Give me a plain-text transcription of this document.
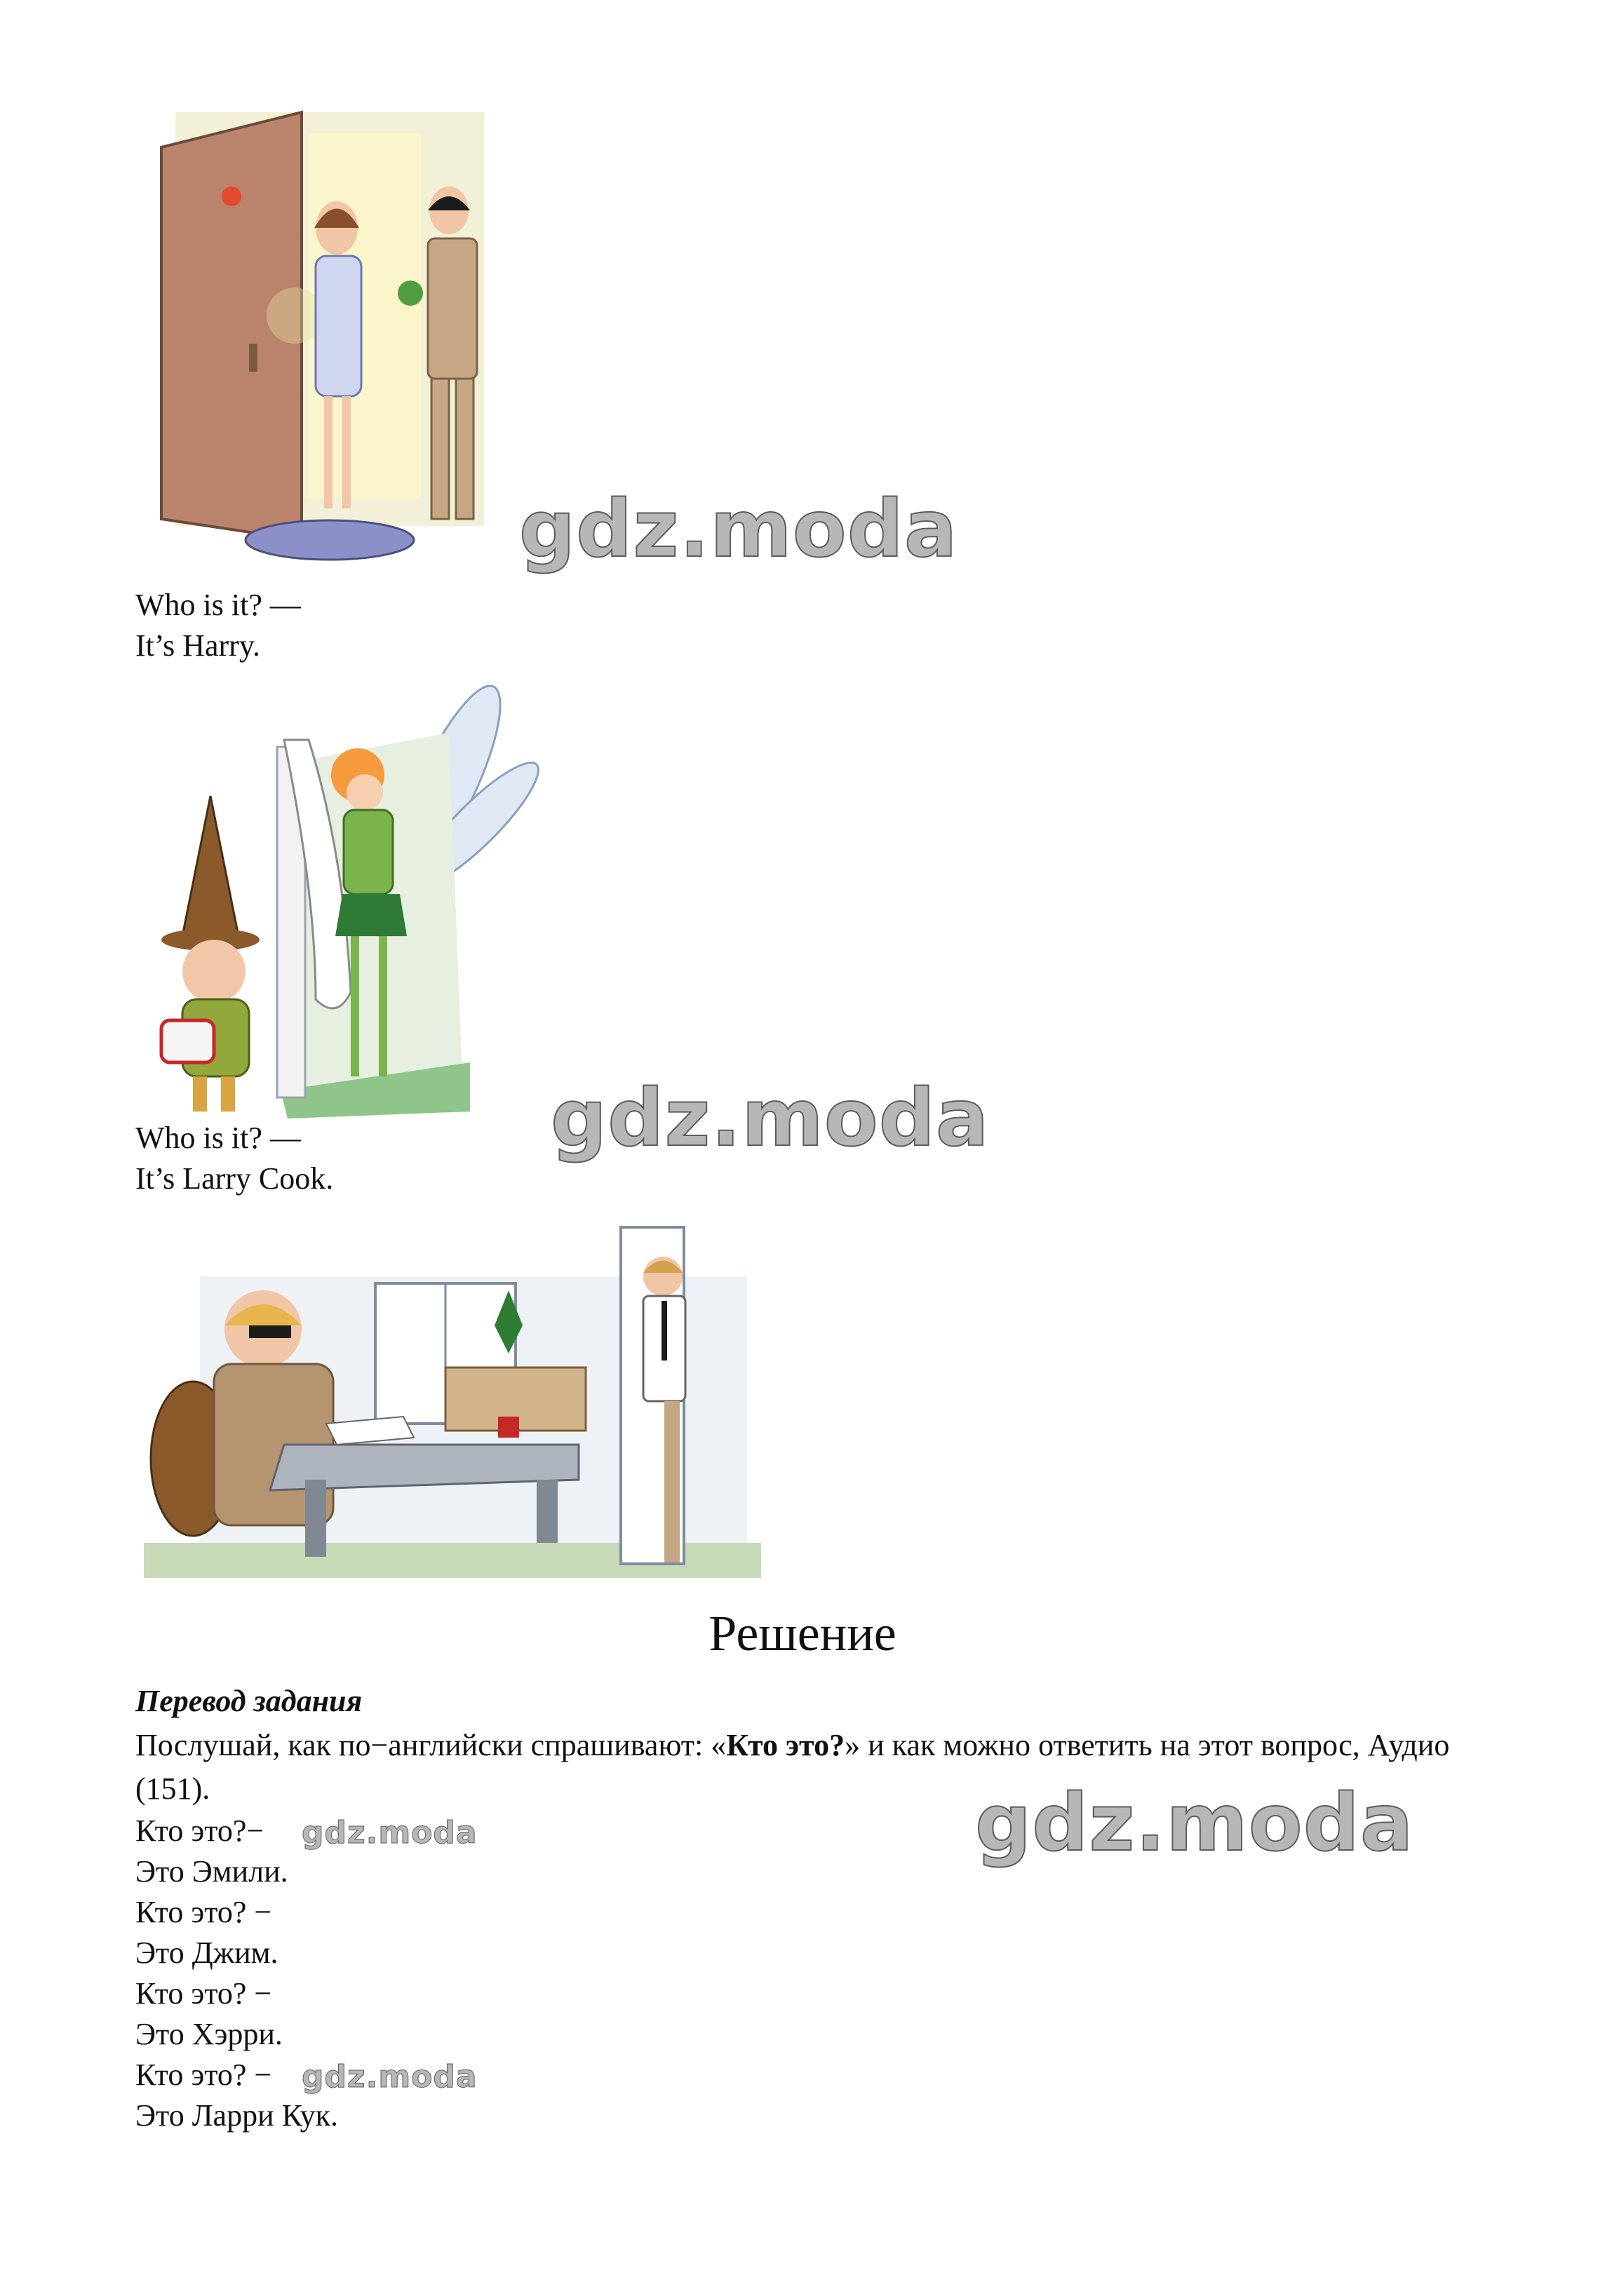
gdz.moda
Who is it? —
It’s Harry.
gdz.moda
Who is it? —
It’s Larry Cook.
Решение
Перевод задания
Послушай, как по−английски спрашивают: «Кто это?» и как можно ответить на этот вопрос, Аудио (151).	gdz.moda
Кто это?− gdz.moda
Это Эмили.
Кто это? −
Это Джим.
Кто это? −
Это Хэрри.
Кто это? − gdz.moda
Это Ларри Кук.
